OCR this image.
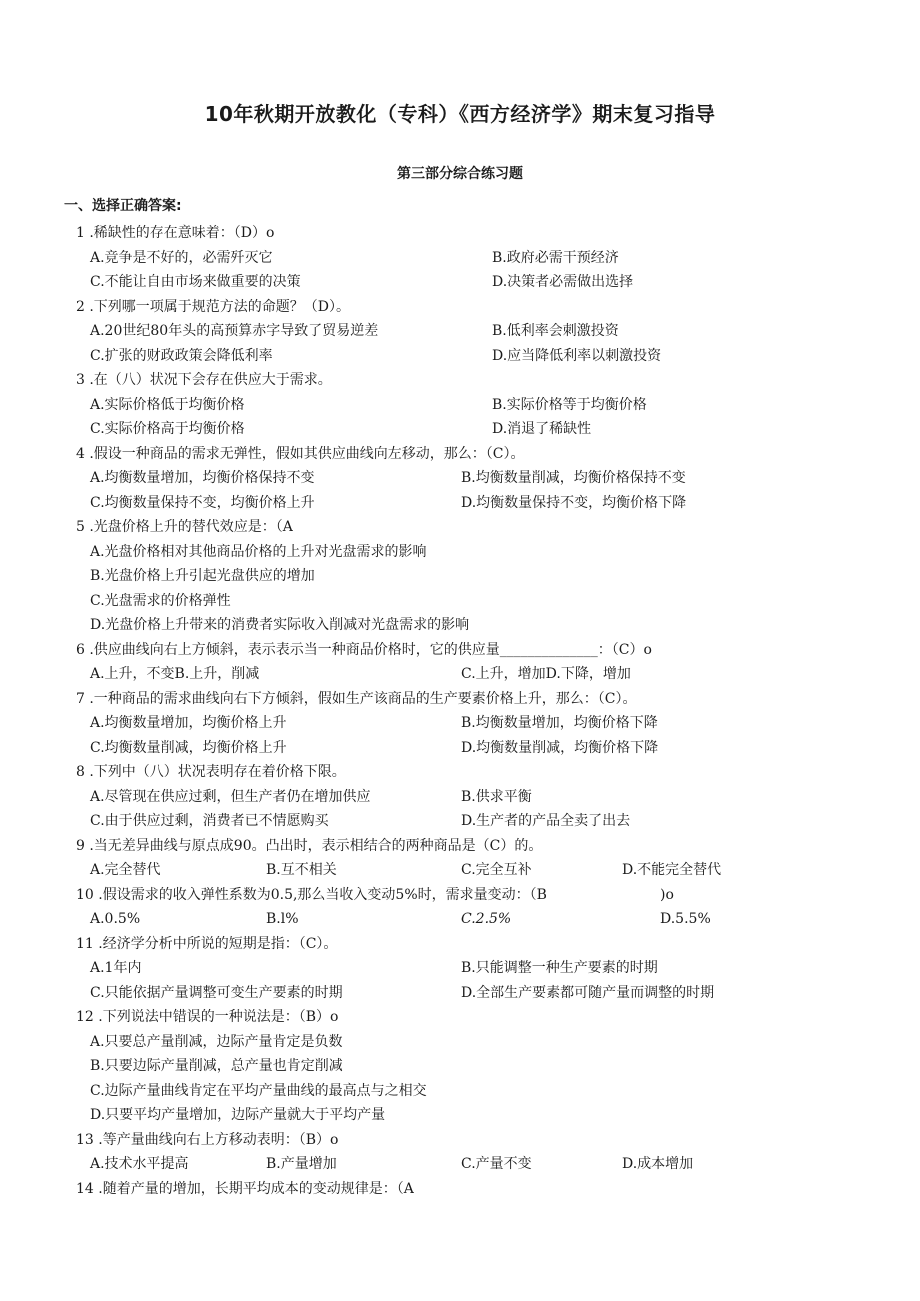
10年秋期开放教化（专科）《西方经济学》期末复习指导
第三部分综合练习题
一、选择正确答案:
1 .稀缺性的存在意味着：（D）o
A.竞争是不好的，必需歼灭它	B.政府必需干预经济
C.不能让自由市场来做重要的决策	D.决策者必需做出选择
2 .下列哪一项属于规范方法的命题？（D）。
A.20世纪80年头的高预算赤字导致了贸易逆差	B.低利率会刺激投资
C.扩张的财政政策会降低利率	D.应当降低利率以刺激投资
3 .在（八）状况下会存在供应大于需求。
A.实际价格低于均衡价格	B.实际价格等于均衡价格
C.实际价格高于均衡价格	D.消退了稀缺性
4 .假设一种商品的需求无弹性，假如其供应曲线向左移动，那么：（C）。
A.均衡数量增加，均衡价格保持不变	B.均衡数量削减，均衡价格保持不变
C.均衡数量保持不变，均衡价格上升	D.均衡数量保持不变，均衡价格下降
5 .光盘价格上升的替代效应是：（A
A.光盘价格相对其他商品价格的上升对光盘需求的影响
B.光盘价格上升引起光盘供应的增加
C.光盘需求的价格弹性
D.光盘价格上升带来的消费者实际收入削减对光盘需求的影响
6 .供应曲线向右上方倾斜，表示表示当一种商品价格时，它的供应量______________：（C）o
A.上升，不变B.上升，削减	C.上升，增加D.下降，增加
7 .一种商品的需求曲线向右下方倾斜，假如生产该商品的生产要素价格上升，那么：（C）。
A.均衡数量增加，均衡价格上升	B.均衡数量增加，均衡价格下降
C.均衡数量削减，均衡价格上升	D.均衡数量削减，均衡价格下降
8 .下列中（八）状况表明存在着价格下限。
A.尽管现在供应过剩，但生产者仍在增加供应	B.供求平衡
C.由于供应过剩，消费者已不情愿购买	D.生产者的产品全卖了出去
9 .当无差异曲线与原点成90。凸出时，表示相结合的两种商品是（C）的。
A.完全替代	B.互不相关	C.完全互补	D.不能完全替代
10 .假设需求的收入弹性系数为0.5,那么当收入变动5%时，需求量变动：（B	)o
A.0.5%	B.l%	C.2.5%	D.5.5%
11 .经济学分析中所说的短期是指：（C）。
A.1年内	B.只能调整一种生产要素的时期
C.只能依据产量调整可变生产要素的时期	D.全部生产要素都可随产量而调整的时期
12 .下列说法中错误的一种说法是：（B）o
A.只要总产量削减，边际产量肯定是负数
B.只要边际产量削减，总产量也肯定削减
C.边际产量曲线肯定在平均产量曲线的最高点与之相交
D.只要平均产量增加，边际产量就大于平均产量
13 .等产量曲线向右上方移动表明：（B）o
A.技术水平提高	B.产量增加	C.产量不变	D.成本增加
14 .随着产量的增加，长期平均成本的变动规律是：（A
